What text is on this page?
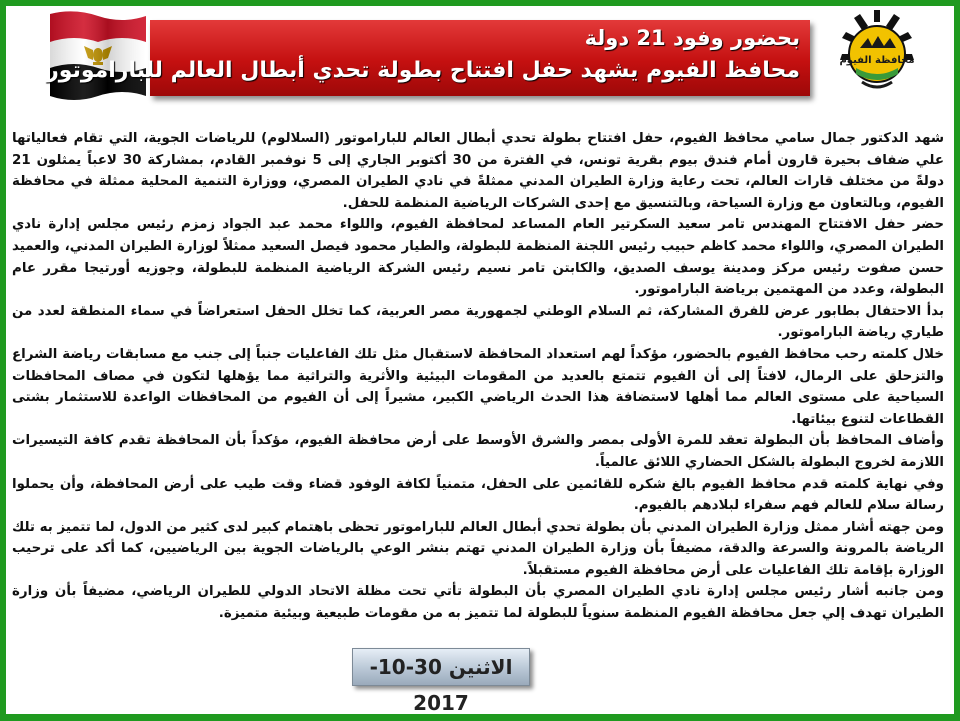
محافظة الفيوم
بحضور وفود 21 دولة
محافظ الفيوم يشهد حفل افتتاح بطولة تحدي أبطال العالم للباراموتور

شهد الدكتور جمال سامي محافظ الفيوم، حفل افتتاح بطولة تحدي أبطال العالم للباراموتور (السلالوم) للرياضات الجوية، التي تقام فعالياتها علي ضفاف بحيرة قارون أمام فندق بيوم بقرية تونس، في الفترة من 30 أكتوبر الجاري إلى 5 نوفمبر القادم، بمشاركة 30 لاعباً يمثلون 21 دولةً من مختلف قارات العالم، تحت رعاية وزارة الطيران المدني ممثلةً في نادي الطيران المصري، ووزارة التنمية المحلية ممثلة في محافظة الفيوم، وبالتعاون مع وزارة السياحة، وبالتنسيق مع إحدى الشركات الرياضية المنظمة للحفل.

حضر حفل الافتتاح المهندس تامر سعيد السكرتير العام المساعد لمحافظة الفيوم، واللواء محمد عبد الجواد زمزم رئيس مجلس إدارة نادي الطيران المصري، واللواء محمد كاظم حبيب رئيس اللجنة المنظمة للبطولة، والطيار محمود فيصل السعيد ممثلاً لوزارة الطيران المدني، والعميد حسن صفوت رئيس مركز ومدينة يوسف الصديق، والكابتن تامر نسيم رئيس الشركة الرياضية المنظمة للبطولة، وجوزيه أورتيجا مقرر عام البطولة، وعدد من المهتمين برياضة الباراموتور.

بدأ الاحتفال بطابور عرض للفرق المشاركة، ثم السلام الوطني لجمهورية مصر العربية، كما تخلل الحفل استعراضاً في سماء المنطقة لعدد من طياري رياضة الباراموتور.

خلال كلمته رحب محافظ الفيوم بالحضور، مؤكداً لهم استعداد المحافظة لاستقبال مثل تلك الفاعليات جنباً إلى جنب مع مسابقات رياضة الشراع والتزحلق على الرمال، لافتاً إلى أن الفيوم تتمتع بالعديد من المقومات البيئية والأثرية والتراثية مما يؤهلها لتكون في مصاف المحافظات السياحية على مستوى العالم مما أهلها لاستضافة هذا الحدث الرياضي الكبير، مشيراً إلى أن الفيوم من المحافظات الواعدة للاستثمار بشتى القطاعات لتنوع بيئاتها.

وأضاف المحافظ بأن البطولة تعقد للمرة الأولى بمصر والشرق الأوسط على أرض محافظة الفيوم، مؤكداً بأن المحافظة تقدم كافة التيسيرات اللازمة لخروج البطولة بالشكل الحضاري اللائق عالمياً.

وفي نهاية كلمته قدم محافظ الفيوم بالغ شكره للقائمين على الحفل، متمنياً لكافة الوفود قضاء وقت طيب على أرض المحافظة، وأن يحملوا رسالة سلام للعالم فهم سفراء لبلادهم بالفيوم.

ومن جهته أشار ممثل وزارة الطيران المدني بأن بطولة تحدي أبطال العالم للباراموتور تحظى باهتمام كبير لدى كثير من الدول، لما تتميز به تلك الرياضة بالمرونة والسرعة والدقة، مضيفاً بأن وزارة الطيران المدني تهتم بنشر الوعي بالرياضات الجوية بين الرياضيين، كما أكد على ترحيب الوزارة بإقامة تلك الفاعليات على أرض محافظة الفيوم مستقبلاً.

ومن جانبه أشار رئيس مجلس إدارة نادي الطيران المصري بأن البطولة تأتي تحت مظلة الاتحاد الدولي للطيران الرياضي، مضيفاً بأن وزارة الطيران تهدف إلي جعل محافظة الفيوم المنظمة سنوياً للبطولة لما تتميز به من مقومات طبيعية وبيئية متميزة.

الاثنين 30-10-2017
